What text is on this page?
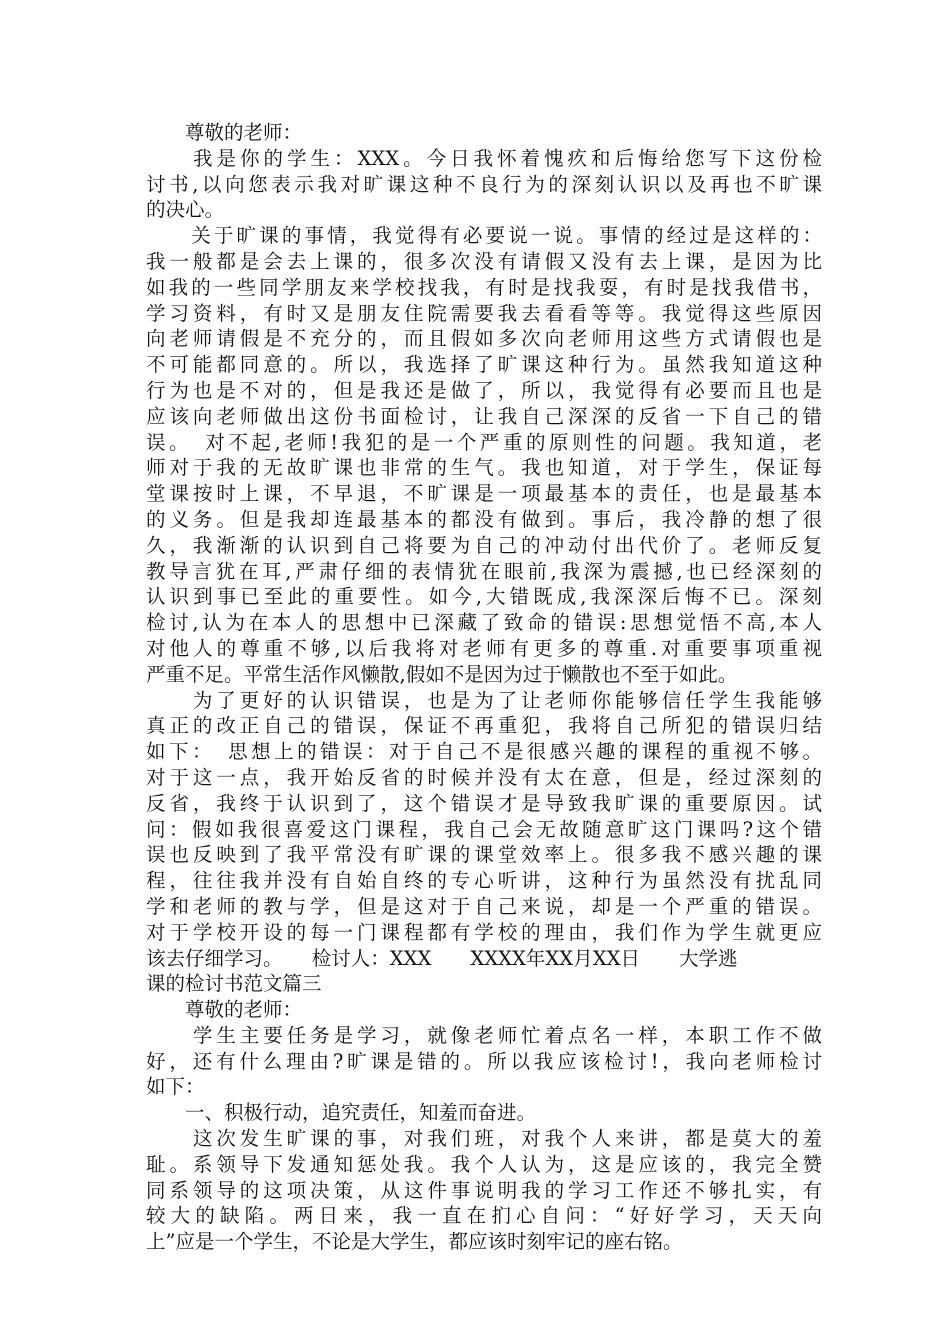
　　尊敬的老师：
　　我是你的学生：XXX。今日我怀着愧疚和后悔给您写下这份检
讨书,以向您表示我对旷课这种不良行为的深刻认识以及再也不旷课
的决心。
　　关于旷课的事情，我觉得有必要说一说。事情的经过是这样的：
我一般都是会去上课的，很多次没有请假又没有去上课，是因为比
如我的一些同学朋友来学校找我，有时是找我耍，有时是找我借书，
学习资料，有时又是朋友住院需要我去看看等等。我觉得这些原因
向老师请假是不充分的，而且假如多次向老师用这些方式请假也是
不可能都同意的。所以，我选择了旷课这种行为。虽然我知道这种
行为也是不对的，但是我还是做了，所以，我觉得有必要而且也是
应该向老师做出这份书面检讨，让我自己深深的反省一下自己的错
误。　对不起,老师!我犯的是一个严重的原则性的问题。我知道，老
师对于我的无故旷课也非常的生气。我也知道，对于学生，保证每
堂课按时上课，不早退，不旷课是一项最基本的责任，也是最基本
的义务。但是我却连最基本的都没有做到。事后，我冷静的想了很
久，我渐渐的认识到自己将要为自己的冲动付出代价了。老师反复
教导言犹在耳,严肃仔细的表情犹在眼前,我深为震撼,也已经深刻的
认识到事已至此的重要性。如今,大错既成,我深深后悔不已。深刻
检讨,认为在本人的思想中已深藏了致命的错误:思想觉悟不高,本人
对他人的尊重不够,以后我将对老师有更多的尊重.对重要事项重视
严重不足。平常生活作风懒散,假如不是因为过于懒散也不至于如此。
　　为了更好的认识错误，也是为了让老师你能够信任学生我能够
真正的改正自己的错误，保证不再重犯，我将自己所犯的错误归结
如下：　思想上的错误：对于自己不是很感兴趣的课程的重视不够。
对于这一点，我开始反省的时候并没有太在意，但是，经过深刻的
反省，我终于认识到了，这个错误才是导致我旷课的重要原因。试
问：假如我很喜爱这门课程，我自己会无故随意旷这门课吗?这个错
误也反映到了我平常没有旷课的课堂效率上。很多我不感兴趣的课
程，往往我并没有自始自终的专心听讲，这种行为虽然没有扰乱同
学和老师的教与学，但是这对于自己来说，却是一个严重的错误。
对于学校开设的每一门课程都有学校的理由，我们作为学生就更应
该去仔细学习。　　检讨人：XXX　　XXXX年XX月XX日　　大学逃
课的检讨书范文篇三
　　尊敬的老师：
　　学生主要任务是学习，就像老师忙着点名一样，本职工作不做
好，还有什么理由?旷课是错的。所以我应该检讨!，我向老师检讨
如下：
　　一、积极行动，追究责任，知羞而奋进。
　　这次发生旷课的事，对我们班，对我个人来讲，都是莫大的羞
耻。系领导下发通知惩处我。我个人认为，这是应该的，我完全赞
同系领导的这项决策，从这件事说明我的学习工作还不够扎实，有
较大的缺陷。两日来，我一直在扪心自问：“好好学习，天天向
上”应是一个学生，不论是大学生，都应该时刻牢记的座右铭。
